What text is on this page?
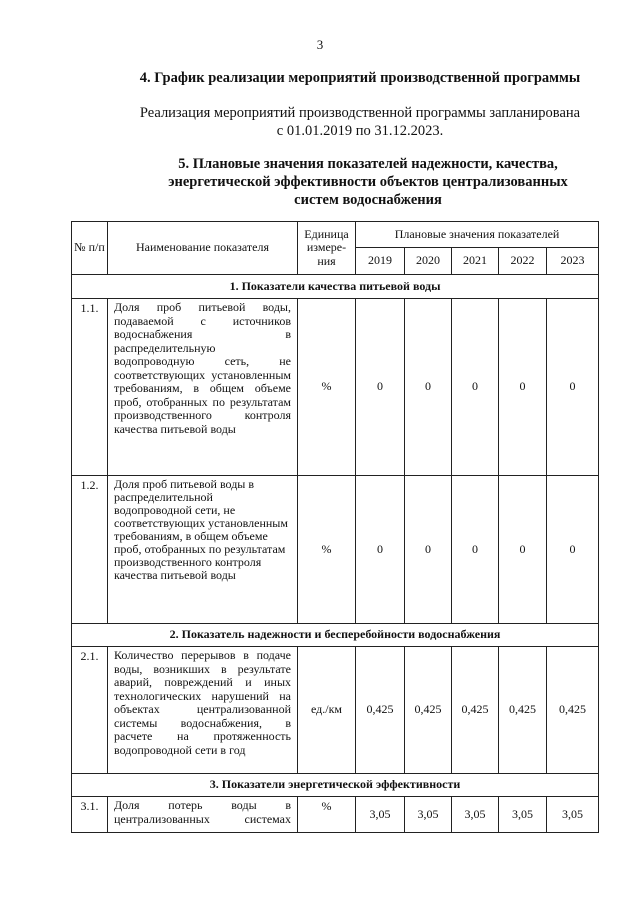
3
4. График реализации мероприятий производственной программы
Реализация мероприятий производственной программы запланирована
с 01.01.2019 по 31.12.2023.
5. Плановые значения показателей надежности, качества,
энергетической эффективности объектов централизованных
систем водоснабжения
№ п/п	Наименование показателя	Единица измере-ния	Плановые значения показателей				
			2019	2020	2021	2022	2023
1. Показатели качества питьевой воды							
1.1.	Доля проб питьевой воды, подаваемой с источников водоснабжения в распределительную водопроводную сеть, не соответствующих установленным требованиям, в общем объеме проб, отобранных по результатам производственного контроля качества питьевой воды	%	0	0	0	0	0
1.2.	Доля проб питьевой воды в распределительной водопроводной сети, не соответствующих установленным требованиям, в общем объеме проб, отобранных по результатам производственного контроля качества питьевой воды	%	0	0	0	0	0
2. Показатель надежности и бесперебойности водоснабжения							
2.1.	Количество перерывов в подаче воды, возникших в результате аварий, повреждений и иных технологических нарушений на объектах централизованной системы водоснабжения, в расчете на протяженность водопроводной сети в год	ед./км	0,425	0,425	0,425	0,425	0,425
3. Показатели энергетической эффективности							
3.1.	Доля потерь воды в централизованных системах	%	3,05	3,05	3,05	3,05	3,05
